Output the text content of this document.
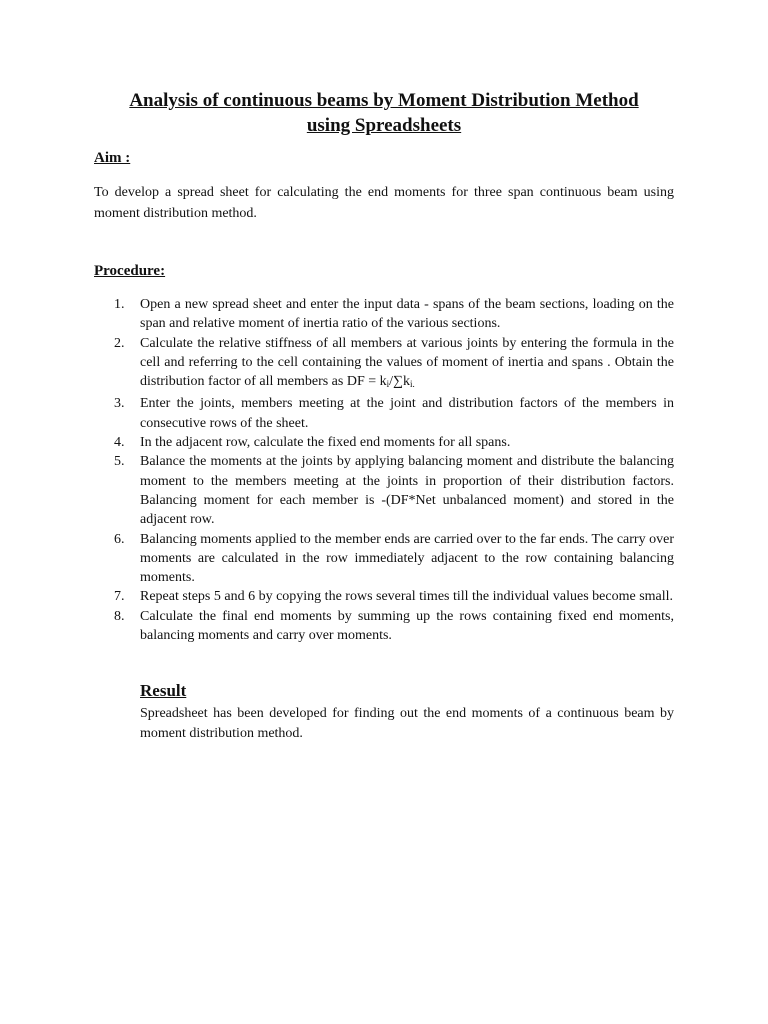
Analysis of continuous beams by Moment Distribution Method
using Spreadsheets
Aim :
To develop a spread sheet for calculating the end moments for three span continuous beam using moment distribution method.
Procedure:
1. Open a new spread sheet and enter the input data - spans of the beam sections, loading on the span and relative moment of inertia ratio of the various sections.
2. Calculate the relative stiffness of all members at various joints by entering the formula in the cell and referring to the cell containing the values of moment of inertia and spans . Obtain the distribution factor of all members as DF = $k_i/\sum k_{i.}$
3. Enter the joints, members meeting at the joint and distribution factors of the members in consecutive rows of the sheet.
4. In the adjacent row, calculate the fixed end moments for all spans.
5. Balance the moments at the joints by applying balancing moment and distribute the balancing moment to the members meeting at the joints in proportion of their distribution factors. Balancing moment for each member is -(DF*Net unbalanced moment) and stored in the adjacent row.
6. Balancing moments applied to the member ends are carried over to the far ends. The carry over moments are calculated in the row immediately adjacent to the row containing balancing moments.
7. Repeat steps 5 and 6 by copying the rows several times till the individual values become small.
8. Calculate the final end moments by summing up the rows containing fixed end moments, balancing moments and carry over moments.
Result
Spreadsheet has been developed for finding out the end moments of a continuous beam by moment distribution method.
